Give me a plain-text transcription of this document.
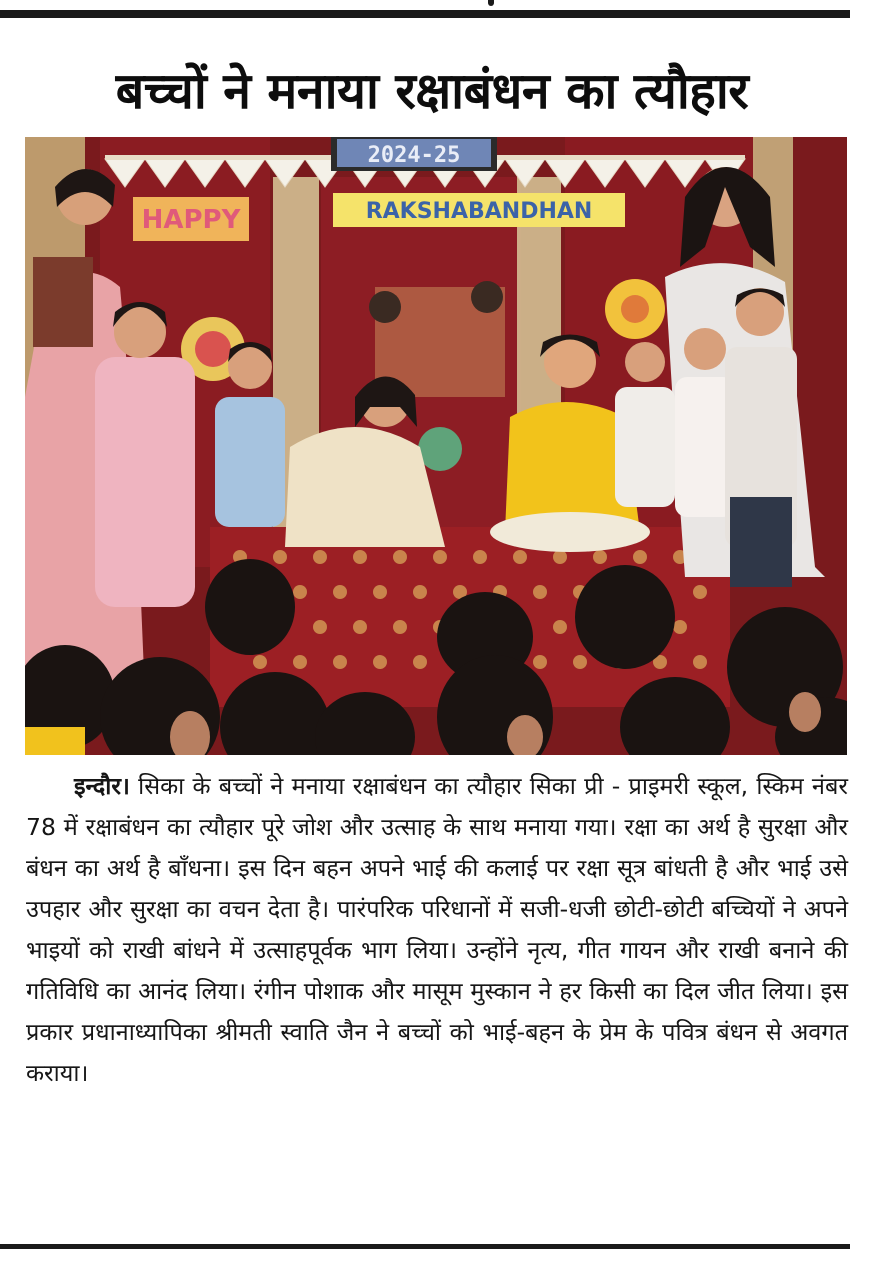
बच्चों ने मनाया रक्षाबंधन का त्यौहार
2024-25
RAKSHABANDHAN
HAPPY
इन्दौर। सिका के बच्चों ने मनाया रक्षाबंधन का त्यौहार सिका प्री - प्राइमरी स्कूल, स्किम नंबर 78 में रक्षाबंधन का त्यौहार पूरे जोश और उत्साह के साथ मनाया गया। रक्षा का अर्थ है सुरक्षा और बंधन का अर्थ है बाँधना। इस दिन बहन अपने भाई की कलाई पर रक्षा सूत्र बांधती है और भाई उसे उपहार और सुरक्षा का वचन देता है। पारंपरिक परिधानों में सजी-धजी छोटी-छोटी बच्चियों ने अपने भाइयों को राखी बांधने में उत्साहपूर्वक भाग लिया। उन्होंने नृत्य, गीत गायन और राखी बनाने की गतिविधि का आनंद लिया। रंगीन पोशाक और मासूम मुस्कान ने हर किसी का दिल जीत लिया। इस प्रकार प्रधानाध्यापिका श्रीमती स्वाति जैन ने बच्चों को भाई-बहन के प्रेम के पवित्र बंधन से अवगत कराया।
